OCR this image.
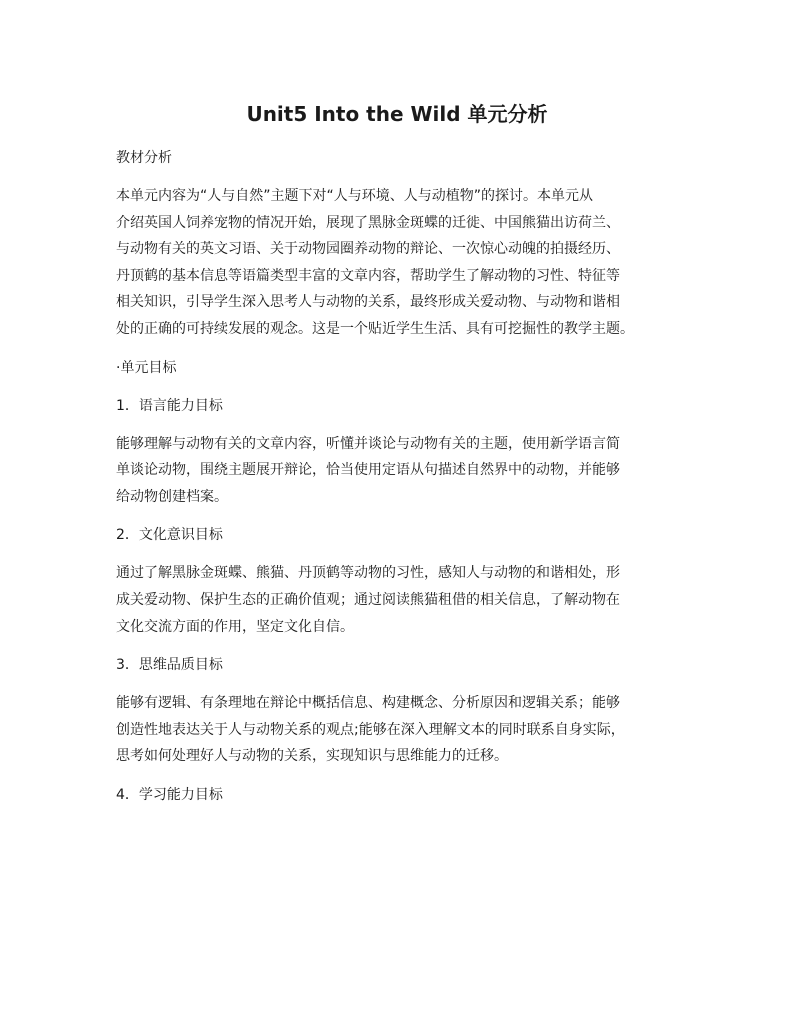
Unit5 Into the Wild 单元分析
教材分析
本单元内容为“人与自然”主题下对“人与环境、人与动植物”的探讨。本单元从
介绍英国人饲养宠物的情况开始，展现了黑脉金斑蝶的迁徙、中国熊猫出访荷兰、
与动物有关的英文习语、关于动物园圈养动物的辩论、一次惊心动魄的拍摄经历、
丹顶鹤的基本信息等语篇类型丰富的文章内容，帮助学生了解动物的习性、特征等
相关知识，引导学生深入思考人与动物的关系，最终形成关爱动物、与动物和谐相
处的正确的可持续发展的观念。这是一个贴近学生生活、具有可挖掘性的教学主题。
·单元目标
1．语言能力目标
能够理解与动物有关的文章内容，听懂并谈论与动物有关的主题，使用新学语言简
单谈论动物，围绕主题展开辩论，恰当使用定语从句描述自然界中的动物，并能够
给动物创建档案。
2．文化意识目标
通过了解黑脉金斑蝶、熊猫、丹顶鹤等动物的习性，感知人与动物的和谐相处，形
成关爱动物、保护生态的正确价值观；通过阅读熊猫租借的相关信息，了解动物在
文化交流方面的作用，坚定文化自信。
3．思维品质目标
能够有逻辑、有条理地在辩论中概括信息、构建概念、分析原因和逻辑关系；能够
创造性地表达关于人与动物关系的观点;能够在深入理解文本的同时联系自身实际，
思考如何处理好人与动物的关系，实现知识与思维能力的迁移。
4．学习能力目标
